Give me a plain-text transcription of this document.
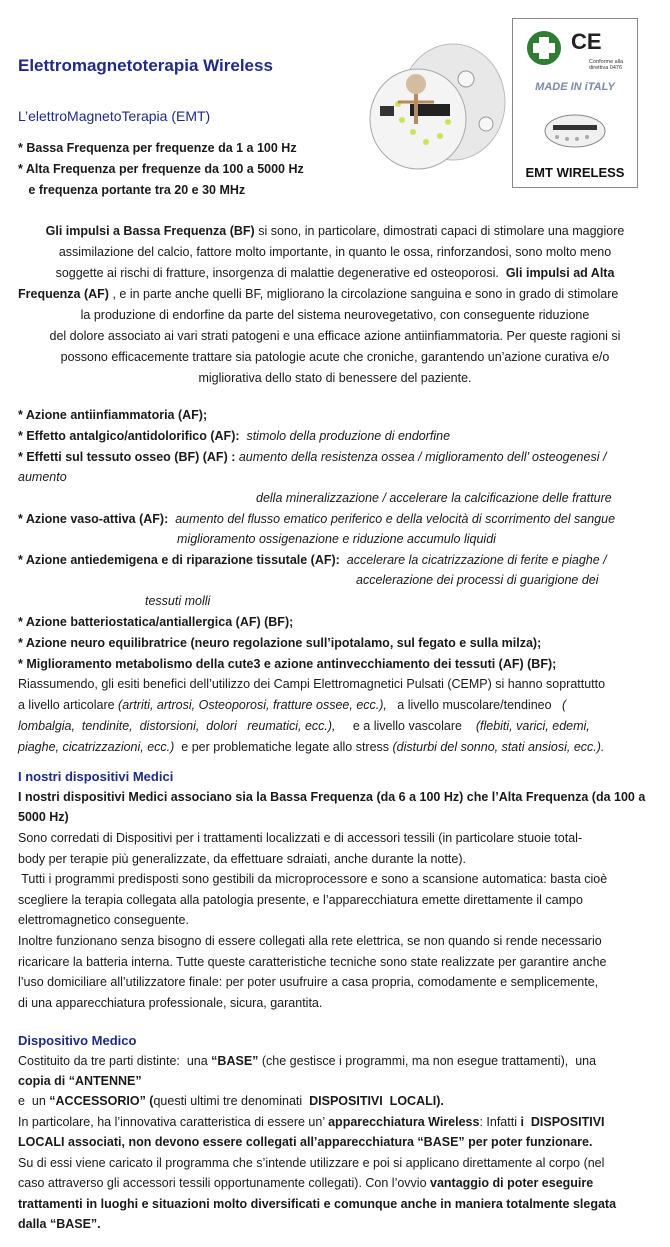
Elettromagnetoterapia Wireless
L’elettroMagnetoTerapia (EMT)
* Bassa Frequenza per frequenze da 1 a 100 Hz
* Alta Frequenza per frequenze da 100 a 5000 Hz
e frequenza portante tra 20 e 30 MHz
CE
Conforme alla direttiva 0476
MADE IN iTALY
EMT WIRELESS
Gli impulsi a Bassa Frequenza (BF) si sono, in particolare, dimostrati capaci di stimolare una maggiore
assimilazione del calcio, fattore molto importante, in quanto le ossa, rinforzandosi, sono molto meno
soggette ai rischi di fratture, insorgenza di malattie degenerative ed osteoporosi.  Gli impulsi ad Alta
Frequenza (AF) , e in parte anche quelli BF, migliorano la circolazione sanguina e sono in grado di stimolare
la produzione di endorfine da parte del sistema neurovegetativo, con conseguente riduzione
del dolore associato ai vari strati patogeni e una efficace azione antiinfiammatoria. Per queste ragioni si
possono efficacemente trattare sia patologie acute che croniche, garantendo un’azione curativa e/o
migliorativa dello stato di benessere del paziente.
* Azione antiinfiammatoria (AF);
* Effetto antalgico/antidolorifico (AF):  stimolo della produzione di endorfine
* Effetti sul tessuto osseo (BF) (AF) : aumento della resistenza ossea / miglioramento dell’ osteogenesi /
aumento
della mineralizzazione / accelerare la calcificazione delle fratture
* Azione vaso-attiva (AF):  aumento del flusso ematico periferico e della velocità di scorrimento del sangue
miglioramento ossigenazione e riduzione accumulo liquidi
* Azione antiedemigena e di riparazione tissutale (AF):  accelerare la cicatrizzazione di ferite e piaghe /
accelerazione dei processi di guarigione dei
tessuti molli
* Azione batteriostatica/antiallergica (AF) (BF);
* Azione neuro equilibratrice (neuro regolazione sull’ipotalamo, sul fegato e sulla milza);
* Miglioramento metabolismo della cute3 e azione antinvecchiamento dei tessuti (AF) (BF);
Riassumendo, gli esiti benefici dell’utilizzo dei Campi Elettromagnetici Pulsati (CEMP) si hanno soprattutto
a livello articolare (artriti, artrosi, Osteoporosi, fratture ossee, ecc.),   a livello muscolare/tendineo   (
lombalgia,  tendinite,  distorsioni,  dolori   reumatici, ecc.),     e a livello vascolare    (flebiti, varici, edemi,
piaghe, cicatrizzazioni, ecc.)  e per problematiche legate allo stress (disturbi del sonno, stati ansiosi, ecc.).
I nostri dispositivi Medici
I nostri dispositivi Medici associano sia la Bassa Frequenza (da 6 a 100 Hz) che l’Alta Frequenza (da 100 a
5000 Hz)
Sono corredati di Dispositivi per i trattamenti localizzati e di accessori tessili (in particolare stuoie total-
body per terapie più generalizzate, da effettuare sdraiati, anche durante la notte).
Tutti i programmi predisposti sono gestibili da microprocessore e sono a scansione automatica: basta cioè
scegliere la terapia collegata alla patologia presente, e l’apparecchiatura emette direttamente il campo
elettromagnetico conseguente.
Inoltre funzionano senza bisogno di essere collegati alla rete elettrica, se non quando si rende necessario
ricaricare la batteria interna. Tutte queste caratteristiche tecniche sono state realizzate per garantire anche
l’uso domiciliare all’utilizzatore finale: per poter usufruire a casa propria, comodamente e semplicemente,
di una apparecchiatura professionale, sicura, garantita.
Dispositivo Medico
Costituito da tre parti distinte:  una “BASE” (che gestisce i programmi, ma non esegue trattamenti),  una
copia di “ANTENNE”
e  un “ACCESSORIO” (questi ultimi tre denominati  DISPOSITIVI  LOCALI).
In particolare, ha l’innovativa caratteristica di essere un’ apparecchiatura Wireless: Infatti i  DISPOSITIVI
LOCALI associati, non devono essere collegati all’apparecchiatura “BASE” per poter funzionare.
Su di essi viene caricato il programma che s’intende utilizzare e poi si applicano direttamente al corpo (nel
caso attraverso gli accessori tessili opportunamente collegati). Con l’ovvio vantaggio di poter eseguire
trattamenti in luoghi e situazioni molto diversificati e comunque anche in maniera totalmente slegata
dalla “BASE”.
